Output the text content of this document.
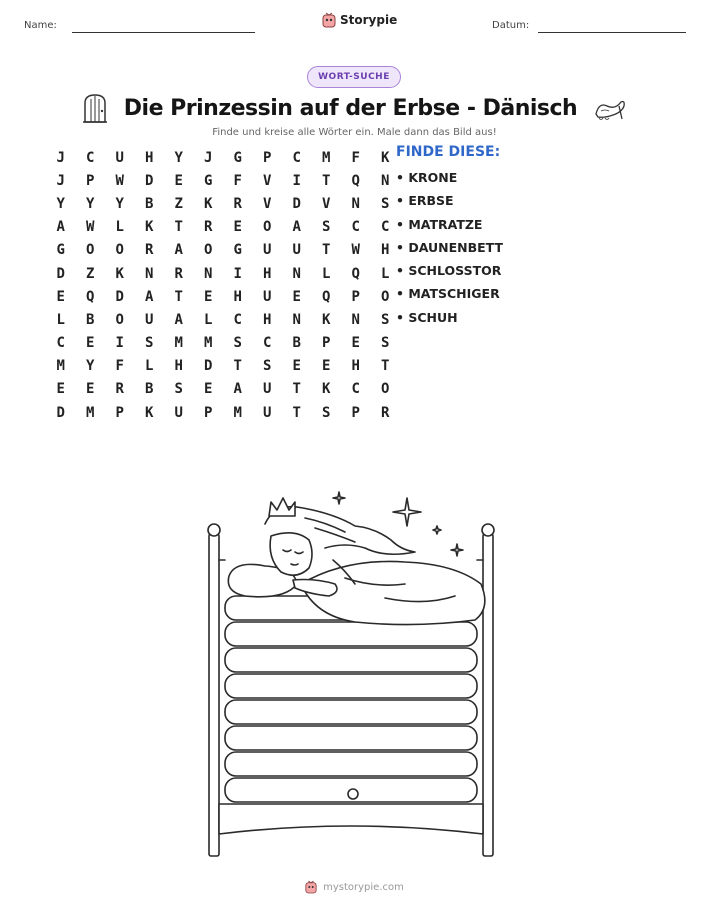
Name:	Storypie	Datum:
WORT-SUCHE
Die Prinzessin auf der Erbse - Dänisch
Finde und kreise alle Wörter ein. Male dann das Bild aus!
J	C	U	H	Y	J	G	P	C	M	F	K
J	P	W	D	E	G	F	V	I	T	Q	N
Y	Y	Y	B	Z	K	R	V	D	V	N	S
A	W	L	K	T	R	E	O	A	S	C	C
G	O	O	R	A	O	G	U	U	T	W	H
D	Z	K	N	R	N	I	H	N	L	Q	L
E	Q	D	A	T	E	H	U	E	Q	P	O
L	B	O	U	A	L	C	H	N	K	N	S
C	E	I	S	M	M	S	C	B	P	E	S
M	Y	F	L	H	D	T	S	E	E	H	T
E	E	R	B	S	E	A	U	T	K	C	O
D	M	P	K	U	P	M	U	T	S	P	R
FINDE DIESE:
• KRONE
• ERBSE
• MATRATZE
• DAUNENBETT
• SCHLOSSTOR
• MATSCHIGER
• SCHUH
mystorypie.com
